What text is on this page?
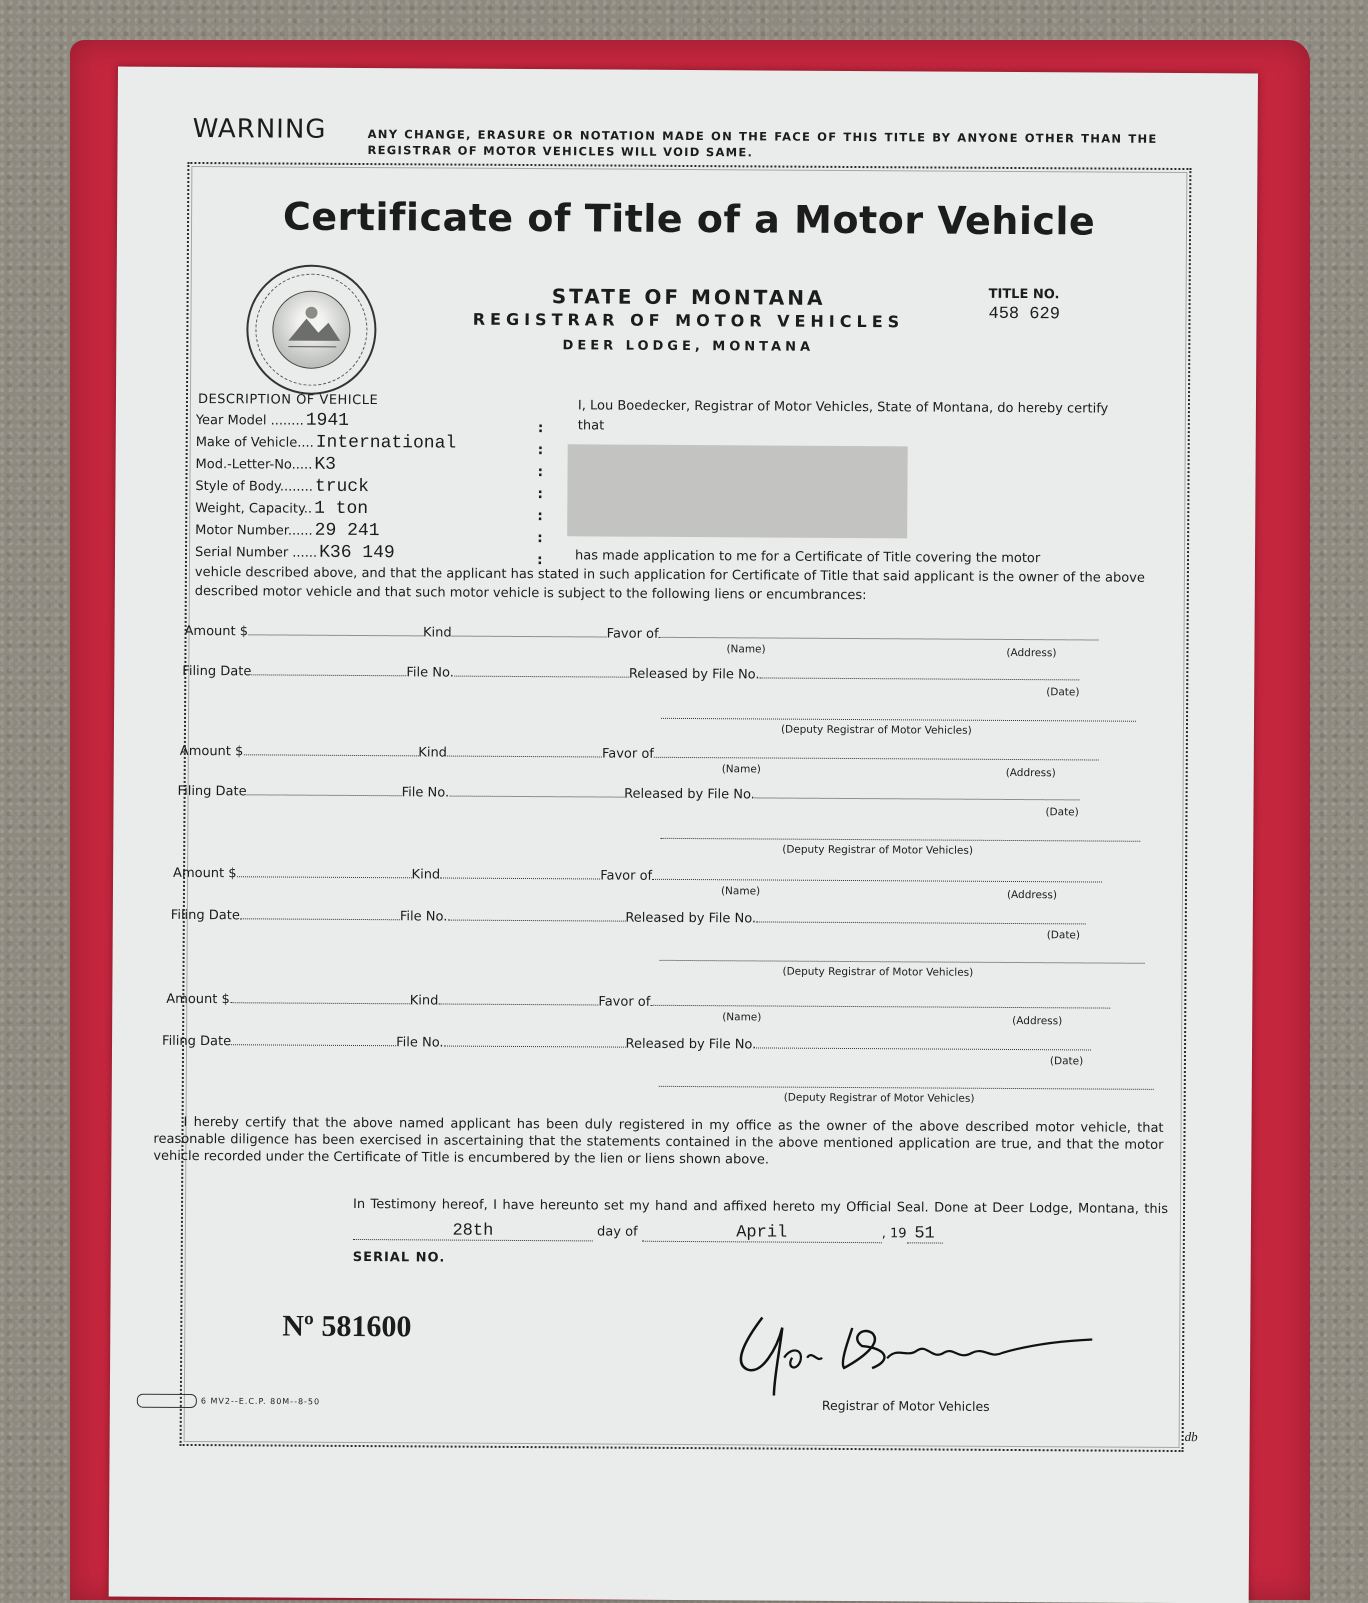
WARNING	ANY CHANGE, ERASURE OR NOTATION MADE ON THE FACE OF THIS TITLE BY ANYONE OTHER THAN THE REGISTRAR OF MOTOR VEHICLES WILL VOID SAME.
Certificate of Title of a Motor Vehicle
STATE OF MONTANA
REGISTRAR OF MOTOR VEHICLES
DEER LODGE, MONTANA
TITLE NO.
458 629
DESCRIPTION OF VEHICLE
Year Model ........ 1941
Make of Vehicle.... International
Mod.-Letter-No..... K3
Style of Body........ truck
Weight, Capacity.. 1 ton
Motor Number...... 29 241
Serial Number ...... K36 149
:
:
:
:
:
:
:
I, Lou Boedecker, Registrar of Motor Vehicles, State of Montana, do hereby certify that
has made application to me for a Certificate of Title covering the motor
vehicle described above, and that the applicant has stated in such application for Certificate of Title that said applicant is the owner of the above described motor vehicle and that such motor vehicle is subject to the following liens or encumbrances:
Amount $	Kind	Favor of
(Name)	(Address)
Filing Date	File No.	Released by File No.
(Date)
(Deputy Registrar of Motor Vehicles)
Amount $	Kind	Favor of
(Name)	(Address)
Filing Date	File No.	Released by File No.
(Date)
(Deputy Registrar of Motor Vehicles)
Amount $	Kind	Favor of
(Name)	(Address)
Filing Date	File No.	Released by File No.
(Date)
(Deputy Registrar of Motor Vehicles)
Amount $	Kind	Favor of
(Name)	(Address)
Filing Date	File No.	Released by File No.
(Date)
(Deputy Registrar of Motor Vehicles)
I hereby certify that the above named applicant has been duly registered in my office as the owner of the above described motor vehicle, that reasonable diligence has been exercised in ascertaining that the statements contained in the above mentioned application are true, and that the motor vehicle recorded under the Certificate of Title is encumbered by the lien or liens shown above.
In Testimony hereof, I have hereunto set my hand and affixed hereto my Official Seal. Done at Deer Lodge, Montana, this 28th	day of	April	, 19 51
SERIAL NO.
Nº 581600
Registrar of Motor Vehicles
6 MV2--E.C.P. 80M--8-50
db
